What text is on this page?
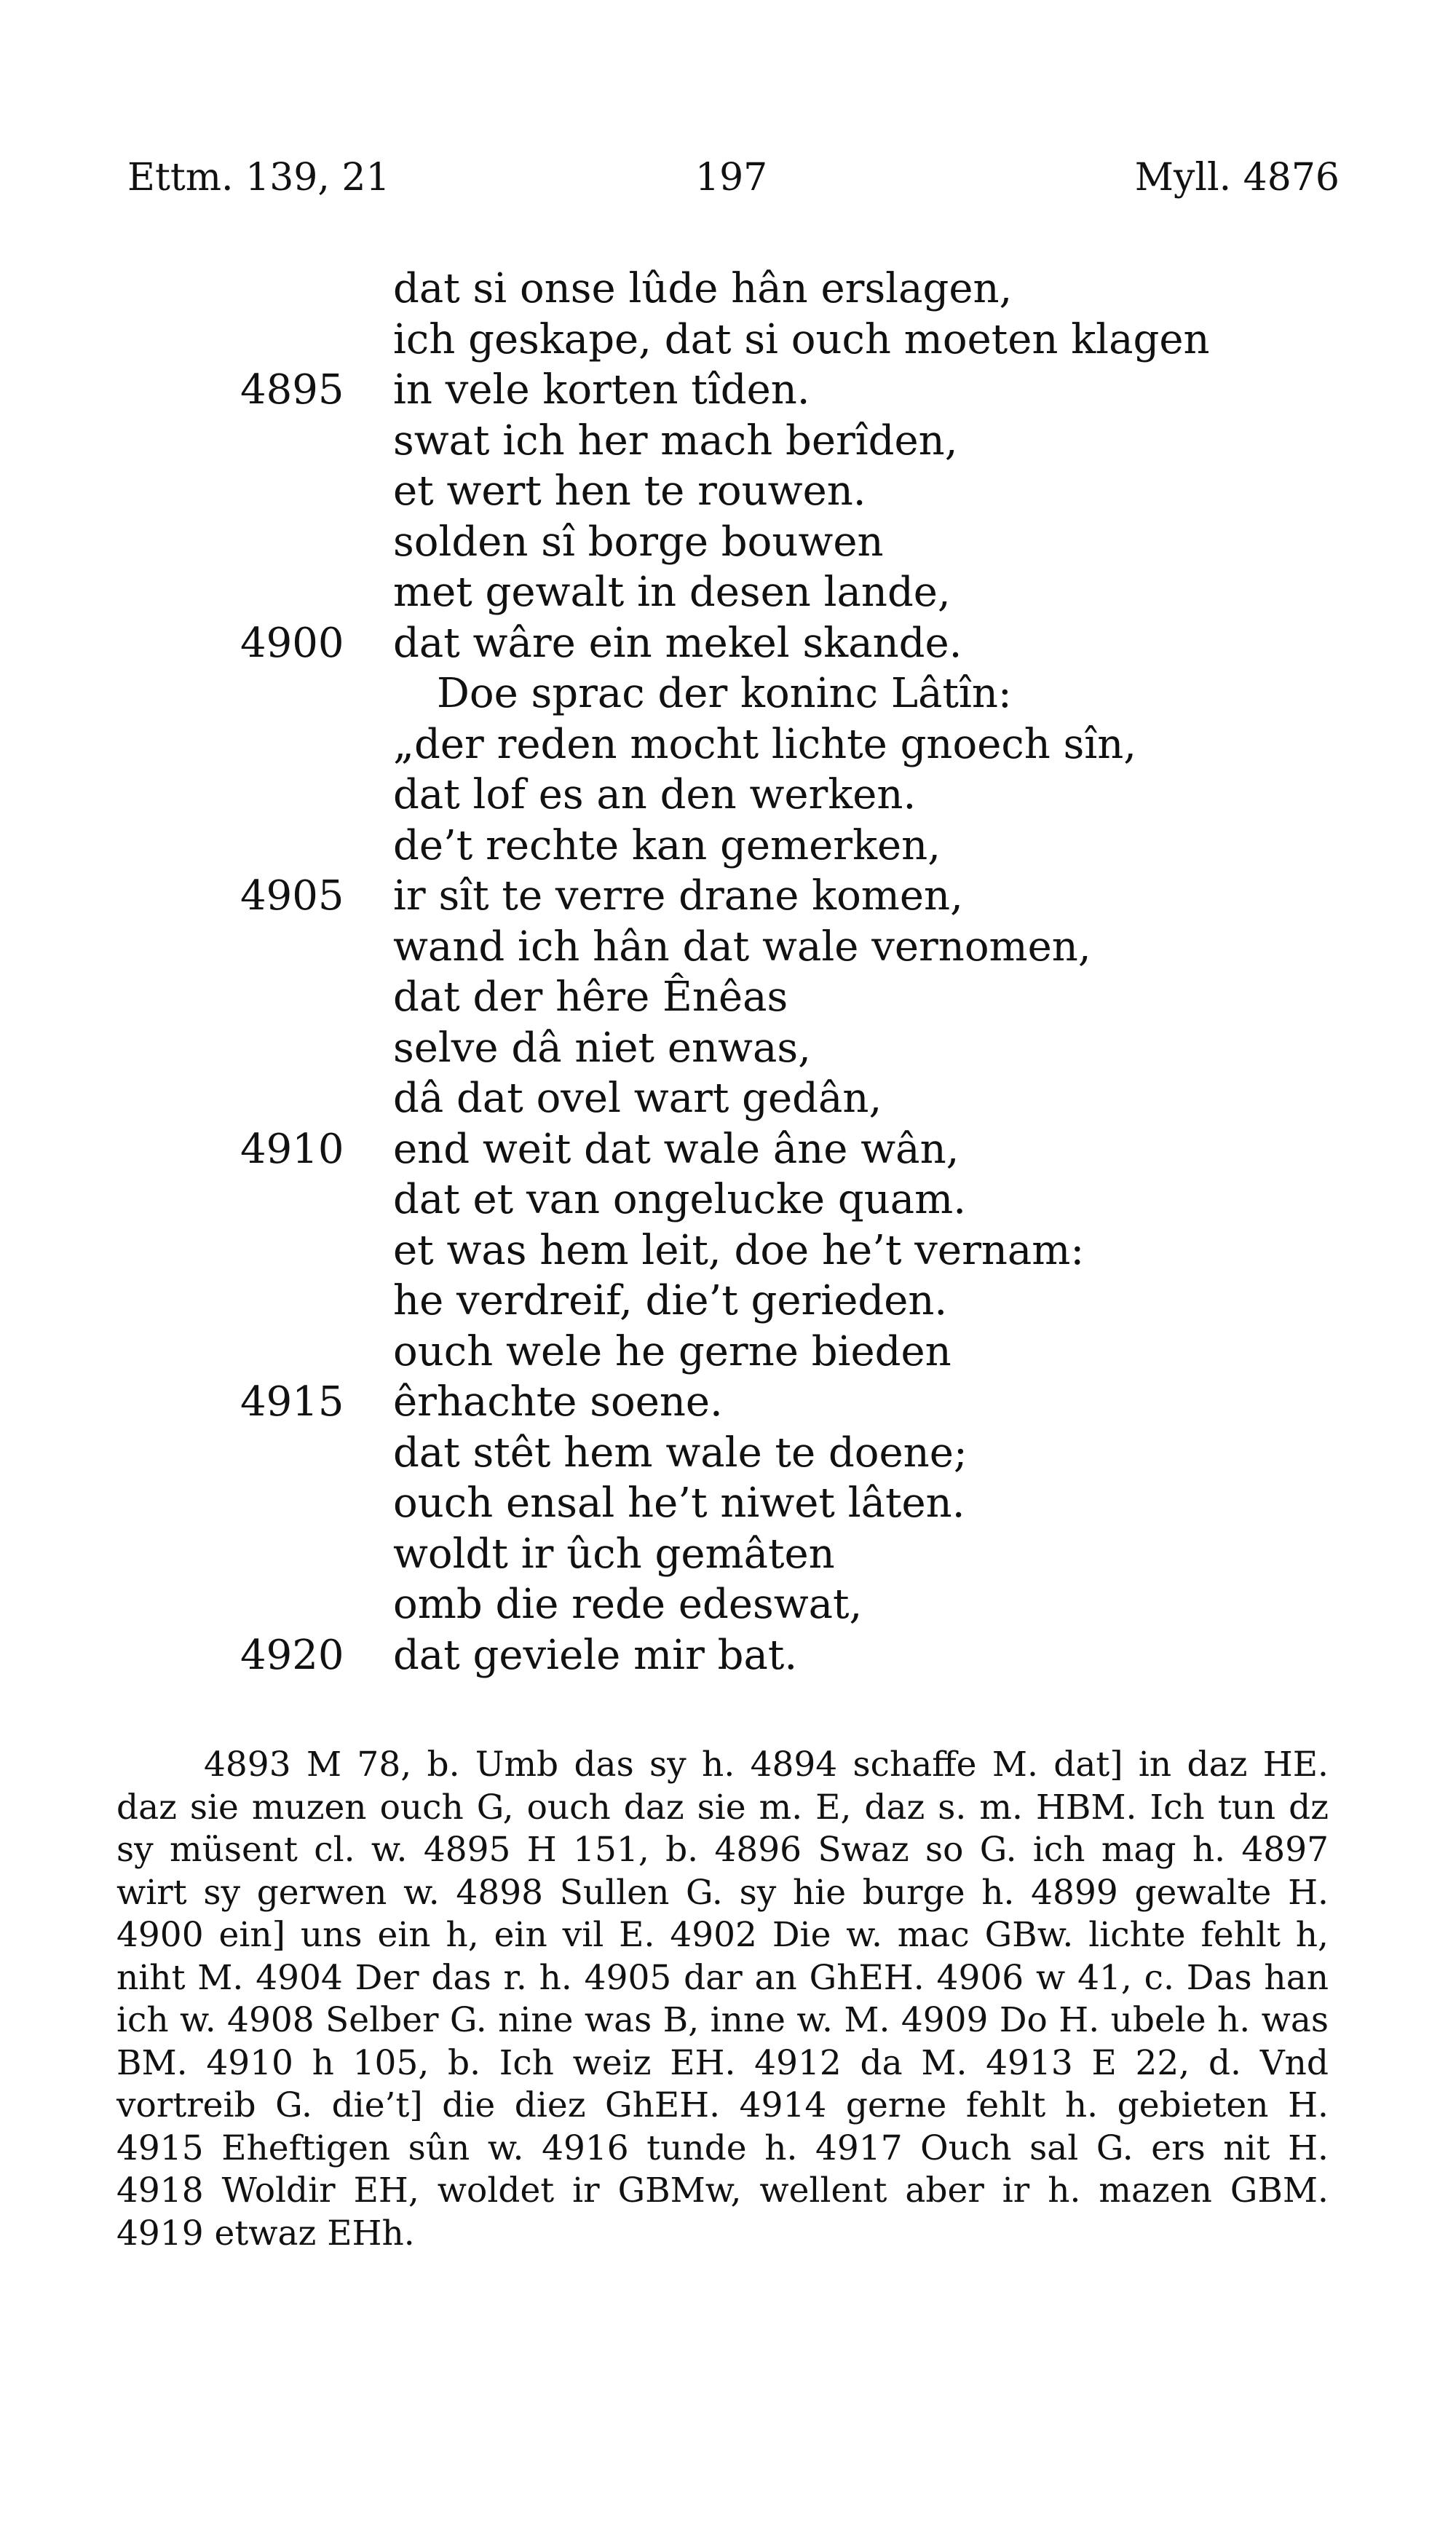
Ettm. 139, 21	197	Myll. 4876
dat si onse lûde hân erslagen,
ich geskape, dat si ouch moeten klagen
4895 in vele korten tîden.
swat ich her mach berîden,
et wert hen te rouwen.
solden sî borge bouwen
met gewalt in desen lande,
4900 dat wâre ein mekel skande.
Doe sprac der koninc Lâtîn:
„der reden mocht lichte gnoech sîn,
dat lof es an den werken.
de’t rechte kan gemerken,
4905 ir sît te verre drane komen,
wand ich hân dat wale vernomen,
dat der hêre Ênêas
selve dâ niet enwas,
dâ dat ovel wart gedân,
4910 end weit dat wale âne wân,
dat et van ongelucke quam.
et was hem leit, doe he’t vernam:
he verdreif, die’t gerieden.
ouch wele he gerne bieden
4915 êrhachte soene.
dat stêt hem wale te doene;
ouch ensal he’t niwet lâten.
woldt ir ûch gemâten
omb die rede edeswat,
4920 dat geviele mir bat.

4893 M 78, b. Umb das sy h. 4894 schaffe M. dat] in daz HE. daz sie muzen ouch G, ouch daz sie m. E, daz s. m. HBM. Ich tun dz sy müsent cl. w. 4895 H 151, b. 4896 Swaz so G. ich mag h. 4897 wirt sy gerwen w. 4898 Sullen G. sy hie burge h. 4899 gewalte H. 4900 ein] uns ein h, ein vil E. 4902 Die w. mac GBw. lichte fehlt h, niht M. 4904 Der das r. h. 4905 dar an GhEH. 4906 w 41, c. Das han ich w. 4908 Selber G. nine was B, inne w. M. 4909 Do H. ubele h. was BM. 4910 h 105, b. Ich weiz EH. 4912 da M. 4913 E 22, d. Vnd vortreib G. die’t] die diez GhEH. 4914 gerne fehlt h. gebieten H. 4915 Eheftigen sûn w. 4916 tunde h. 4917 Ouch sal G. ers nit H. 4918 Woldir EH, woldet ir GBMw, wellent aber ir h. mazen GBM. 4919 etwaz EHh.
